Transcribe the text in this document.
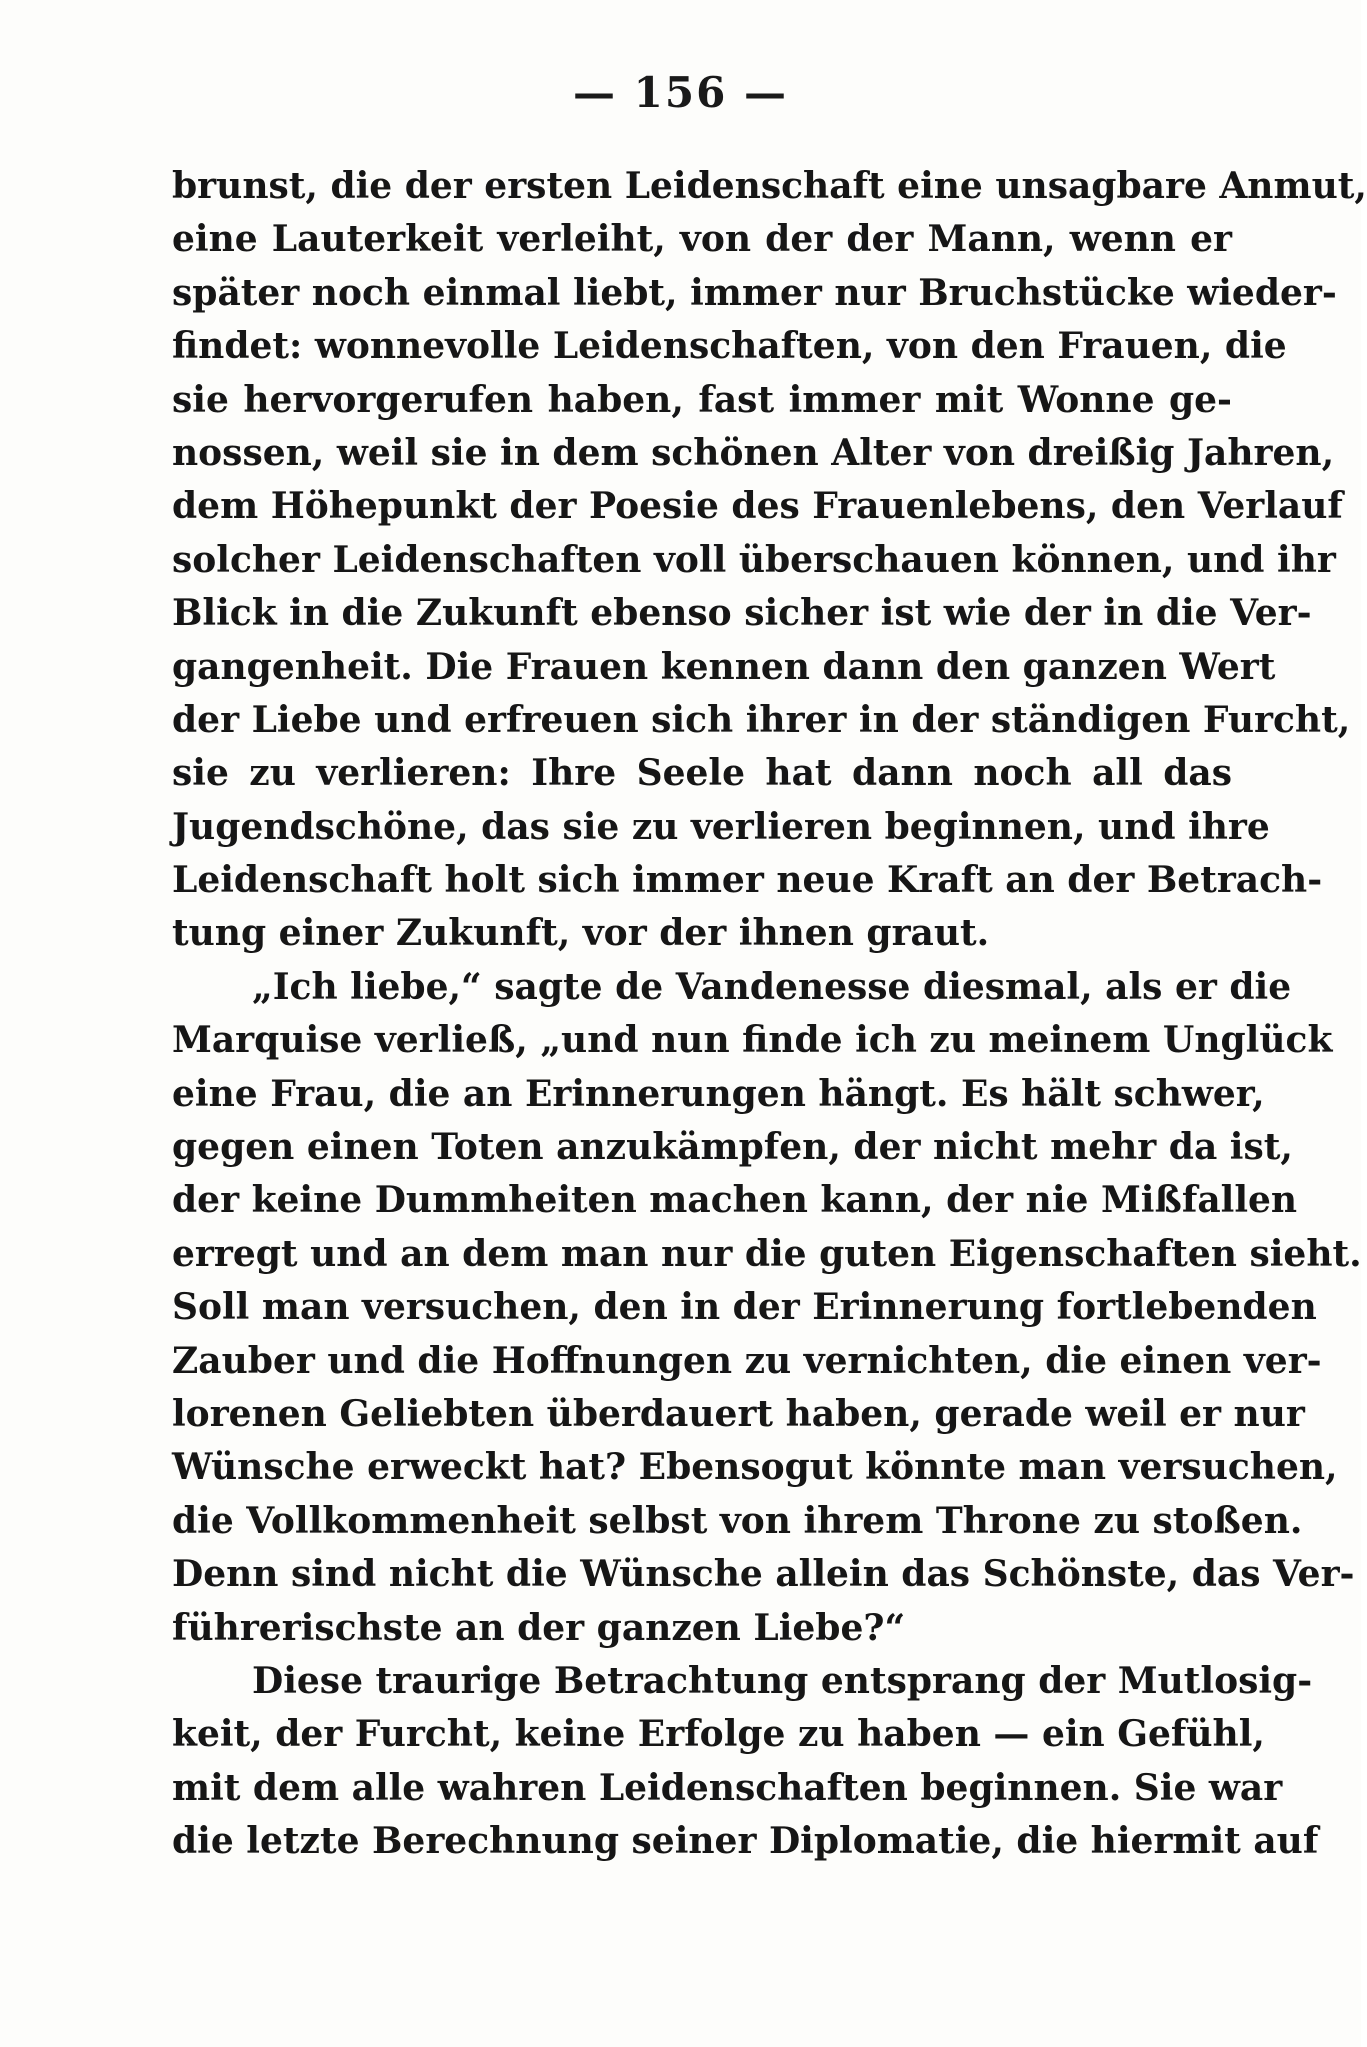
— 156 —
brunst, die der ersten Leidenschaft eine unsagbare Anmut,
eine Lauterkeit verleiht, von der der Mann, wenn er
später noch einmal liebt, immer nur Bruchstücke wieder-
findet: wonnevolle Leidenschaften, von den Frauen, die
sie hervorgerufen haben, fast immer mit Wonne ge-
nossen, weil sie in dem schönen Alter von dreißig Jahren,
dem Höhepunkt der Poesie des Frauenlebens, den Verlauf
solcher Leidenschaften voll überschauen können, und ihr
Blick in die Zukunft ebenso sicher ist wie der in die Ver-
gangenheit. Die Frauen kennen dann den ganzen Wert
der Liebe und erfreuen sich ihrer in der ständigen Furcht,
sie zu verlieren: Ihre Seele hat dann noch all das
Jugendschöne, das sie zu verlieren beginnen, und ihre
Leidenschaft holt sich immer neue Kraft an der Betrach-
tung einer Zukunft, vor der ihnen graut.
„Ich liebe,“ sagte de Vandenesse diesmal, als er die
Marquise verließ, „und nun finde ich zu meinem Unglück
eine Frau, die an Erinnerungen hängt. Es hält schwer,
gegen einen Toten anzukämpfen, der nicht mehr da ist,
der keine Dummheiten machen kann, der nie Mißfallen
erregt und an dem man nur die guten Eigenschaften sieht.
Soll man versuchen, den in der Erinnerung fortlebenden
Zauber und die Hoffnungen zu vernichten, die einen ver-
lorenen Geliebten überdauert haben, gerade weil er nur
Wünsche erweckt hat? Ebensogut könnte man versuchen,
die Vollkommenheit selbst von ihrem Throne zu stoßen.
Denn sind nicht die Wünsche allein das Schönste, das Ver-
führerischste an der ganzen Liebe?“
Diese traurige Betrachtung entsprang der Mutlosig-
keit, der Furcht, keine Erfolge zu haben — ein Gefühl,
mit dem alle wahren Leidenschaften beginnen. Sie war
die letzte Berechnung seiner Diplomatie, die hiermit auf
